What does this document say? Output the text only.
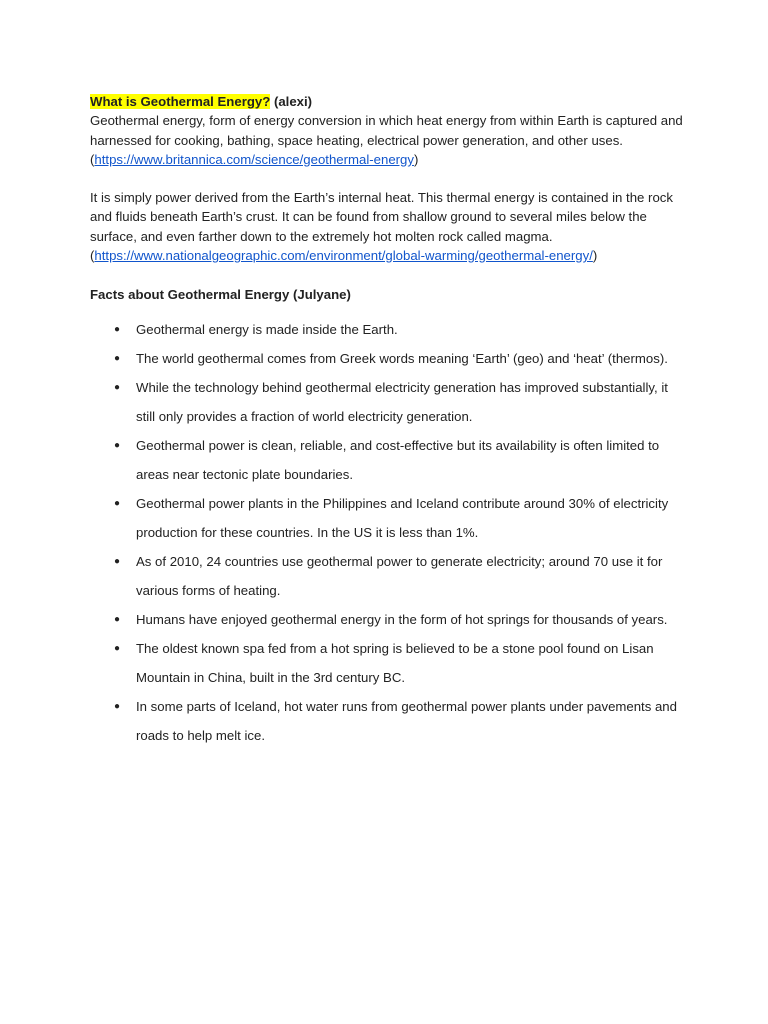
What is Geothermal Energy? (alexi)

Geothermal energy, form of energy conversion in which heat energy from within Earth is captured and harnessed for cooking, bathing, space heating, electrical power generation, and other uses.

(https://www.britannica.com/science/geothermal-energy)

It is simply power derived from the Earth’s internal heat. This thermal energy is contained in the rock and fluids beneath Earth’s crust. It can be found from shallow ground to several miles below the surface, and even farther down to the extremely hot molten rock called magma.

(https://www.nationalgeographic.com/environment/global-warming/geothermal-energy/)

Facts about Geothermal Energy (Julyane)

● Geothermal energy is made inside the Earth.
● The world geothermal comes from Greek words meaning ‘Earth’ (geo) and ‘heat’ (thermos).
● While the technology behind geothermal electricity generation has improved substantially, it still only provides a fraction of world electricity generation.
● Geothermal power is clean, reliable, and cost-effective but its availability is often limited to areas near tectonic plate boundaries.
● Geothermal power plants in the Philippines and Iceland contribute around 30% of electricity production for these countries. In the US it is less than 1%.
● As of 2010, 24 countries use geothermal power to generate electricity; around 70 use it for various forms of heating.
● Humans have enjoyed geothermal energy in the form of hot springs for thousands of years.
● The oldest known spa fed from a hot spring is believed to be a stone pool found on Lisan Mountain in China, built in the 3rd century BC.
● In some parts of Iceland, hot water runs from geothermal power plants under pavements and roads to help melt ice.
